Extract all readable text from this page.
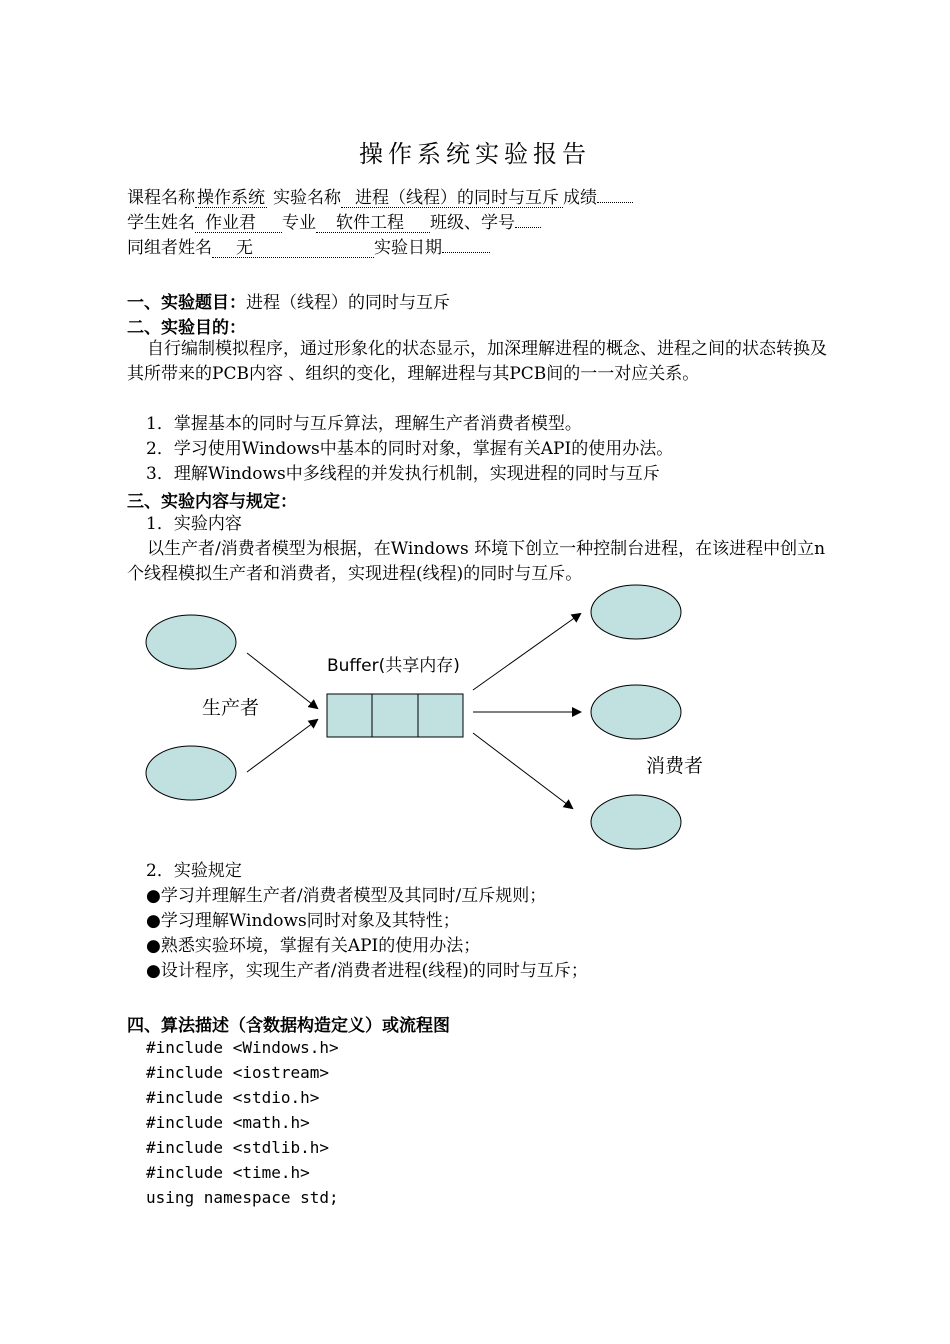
操作系统实验报告
课程名称 操作系统 实验名称 进程（线程）的同时与互斥 成绩
学生姓名 作业君 专业 软件工程 班级、学号
同组者姓名 无	实验日期
一、实验题目：进程（线程）的同时与互斥
二、实验目的：
自行编制模拟程序，通过形象化的状态显示，加深理解进程的概念、进程之间的状态转换及其所带来的PCB内容 、组织的变化，理解进程与其PCB间的一一对应关系。
1．掌握基本的同时与互斥算法，理解生产者消费者模型。
2．学习使用Windows中基本的同时对象，掌握有关API的使用办法。
3．理解Windows中多线程的并发执行机制，实现进程的同时与互斥
三、实验内容与规定：
1．实验内容
以生产者/消费者模型为根据，在Windows 环境下创立一种控制台进程，在该进程中创立n个线程模拟生产者和消费者，实现进程(线程)的同时与互斥。
Buffer(共享内存)
生产者
消费者
2．实验规定
●学习并理解生产者/消费者模型及其同时/互斥规则；
●学习理解Windows同时对象及其特性；
●熟悉实验环境，掌握有关API的使用办法；
●设计程序，实现生产者/消费者进程(线程)的同时与互斥；
四、算法描述（含数据构造定义）或流程图
#include <Windows.h>
#include <iostream>
#include <stdio.h>
#include <math.h>
#include <stdlib.h>
#include <time.h>
using namespace std;
